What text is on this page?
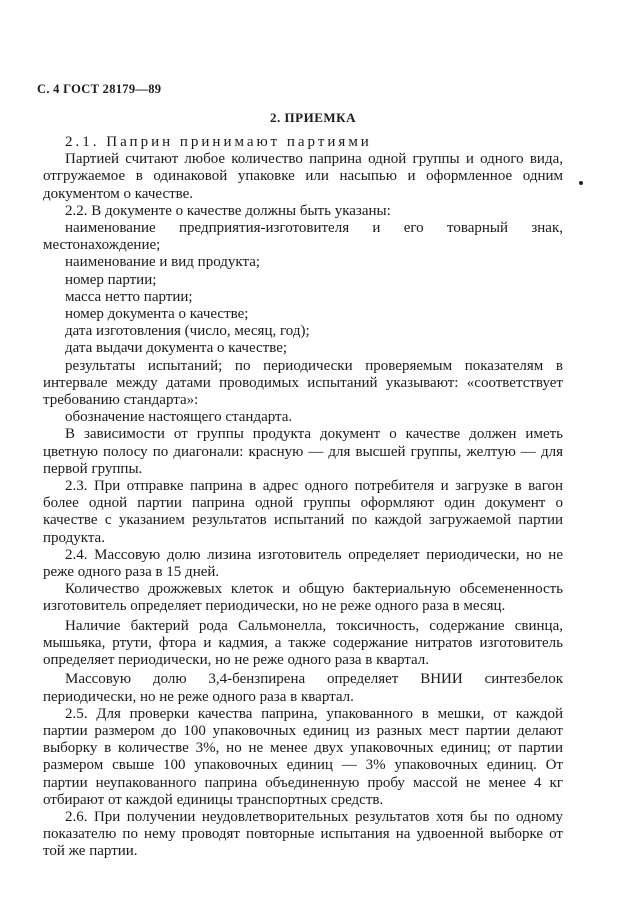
С. 4 ГОСТ 28179—89
2. ПРИЕМКА

2.1. Паприн принимают партиями

Партией считают любое количество паприна одной группы и одного вида, отгружаемое в одинаковой упаковке или насыпью и оформленное одним документом о качестве.

2.2. В документе о качестве должны быть указаны:

наименование предприятия-изготовителя и его товарный знак, местонахождение;

наименование и вид продукта;

номер партии;

масса нетто партии;

номер документа о качестве;

дата изготовления (число, месяц, год);

дата выдачи документа о качестве;

результаты испытаний; по периодически проверяемым показателям в интервале между датами проводимых испытаний указывают: «соответствует требованию стандарта»:

обозначение настоящего стандарта.

В зависимости от группы продукта документ о качестве должен иметь цветную полосу по диагонали: красную — для высшей группы, желтую — для первой группы.

2.3. При отправке паприна в адрес одного потребителя и загрузке в вагон более одной партии паприна одной группы оформляют один документ о качестве с указанием результатов испытаний по каждой загружаемой партии продукта.

2.4. Массовую долю лизина изготовитель определяет периодически, но не реже одного раза в 15 дней.

Количество дрожжевых клеток и общую бактериальную обсемененность изготовитель определяет периодически, но не реже одного раза в месяц.

Наличие бактерий рода Сальмонелла, токсичность, содержание свинца, мышьяка, ртути, фтора и кадмия, а также содержание нитратов изготовитель определяет периодически, но не реже одного раза в квартал.

Массовую долю 3,4-бензпирена определяет ВНИИ синтезбелок периодически, но не реже одного раза в квартал.

2.5. Для проверки качества паприна, упакованного в мешки, от каждой партии размером до 100 упаковочных единиц из разных мест партии делают выборку в количестве 3%, но не менее двух упаковочных единиц; от партии размером свыше 100 упаковочных единиц — 3% упаковочных единиц. От партии неупакованного паприна объединенную пробу массой не менее 4 кг отбирают от каждой единицы транспортных средств.

2.6. При получении неудовлетворительных результатов хотя бы по одному показателю по нему проводят повторные испытания на удвоенной выборке от той же партии.
